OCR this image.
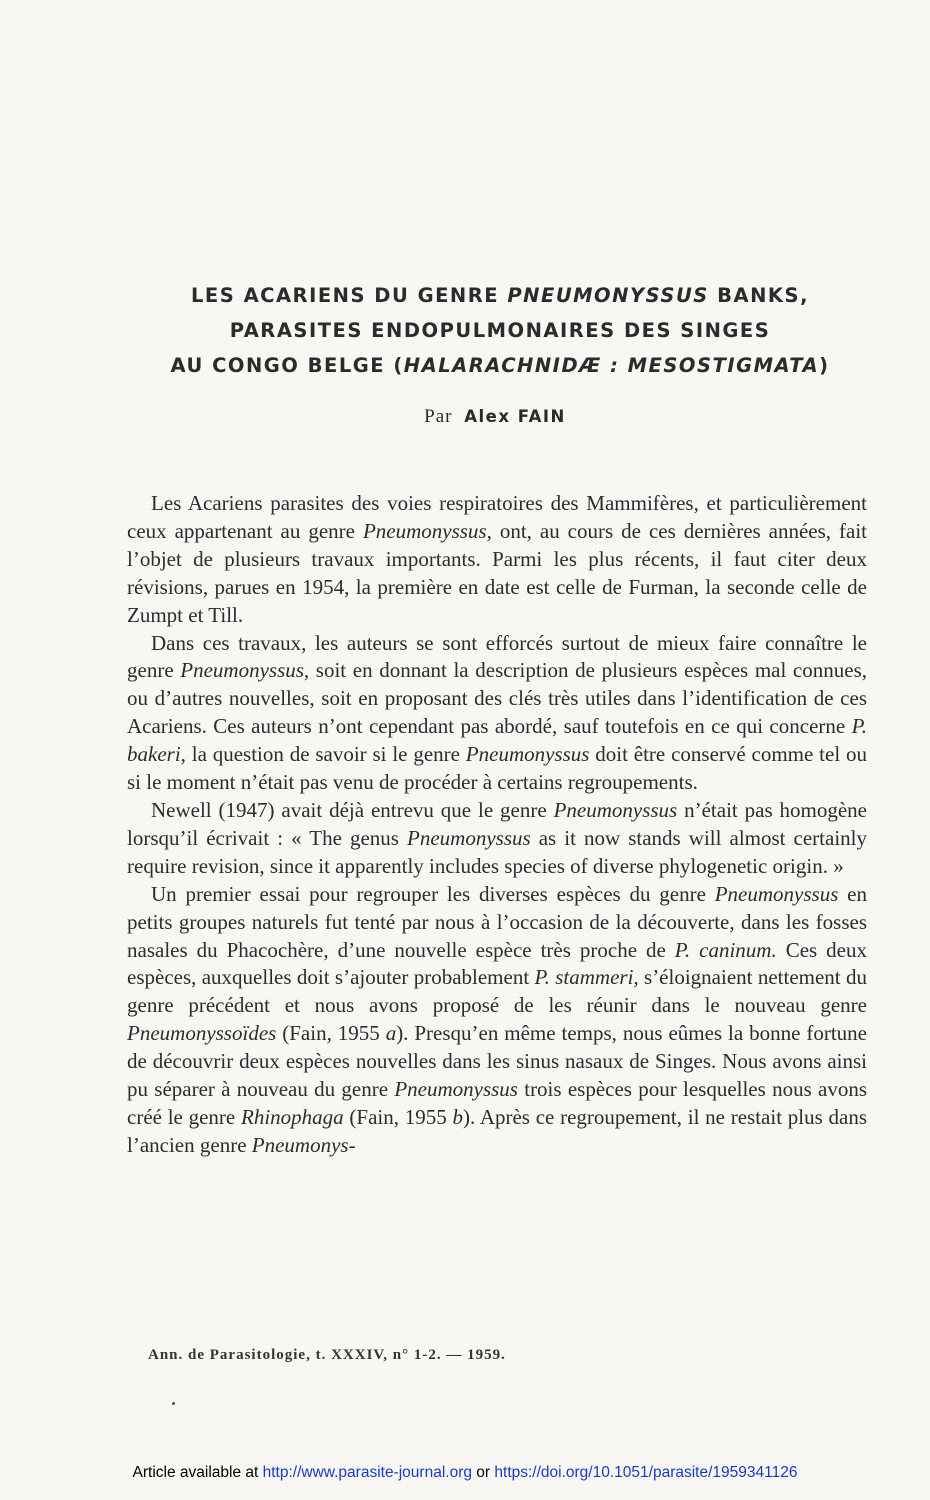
LES ACARIENS DU GENRE PNEUMONYSSUS BANKS,
PARASITES ENDOPULMONAIRES DES SINGES
AU CONGO BELGE (HALARACHNIDÆ : MESOSTIGMATA)
Par Alex FAIN

Les Acariens parasites des voies respiratoires des Mammifères, et particulièrement ceux appartenant au genre Pneumonyssus, ont, au cours de ces dernières années, fait l’objet de plusieurs travaux importants. Parmi les plus récents, il faut citer deux révisions, parues en 1954, la première en date est celle de Furman, la seconde celle de Zumpt et Till.

Dans ces travaux, les auteurs se sont efforcés surtout de mieux faire connaître le genre Pneumonyssus, soit en donnant la description de plusieurs espèces mal connues, ou d’autres nouvelles, soit en proposant des clés très utiles dans l’identification de ces Acariens. Ces auteurs n’ont cependant pas abordé, sauf toutefois en ce qui concerne P. bakeri, la question de savoir si le genre Pneumonyssus doit être conservé comme tel ou si le moment n’était pas venu de procéder à certains regroupements.

Newell (1947) avait déjà entrevu que le genre Pneumonyssus n’était pas homogène lorsqu’il écrivait : « The genus Pneumonyssus as it now stands will almost certainly require revision, since it apparently includes species of diverse phylogenetic origin. »

Un premier essai pour regrouper les diverses espèces du genre Pneumonyssus en petits groupes naturels fut tenté par nous à l’occasion de la découverte, dans les fosses nasales du Phacochère, d’une nouvelle espèce très proche de P. caninum. Ces deux espèces, auxquelles doit s’ajouter probablement P. stammeri, s’éloignaient nettement du genre précédent et nous avons proposé de les réunir dans le nouveau genre Pneumonyssoïdes (Fain, 1955 a). Presqu’en même temps, nous eûmes la bonne fortune de découvrir deux espèces nouvelles dans les sinus nasaux de Singes. Nous avons ainsi pu séparer à nouveau du genre Pneumonyssus trois espèces pour lesquelles nous avons créé le genre Rhinophaga (Fain, 1955 b). Après ce regroupement, il ne restait plus dans l’ancien genre Pneumonys-

Ann. de Parasitologie, t. XXXIV, n° 1-2. — 1959.
Article available at http://www.parasite-journal.org or https://doi.org/10.1051/parasite/1959341126
